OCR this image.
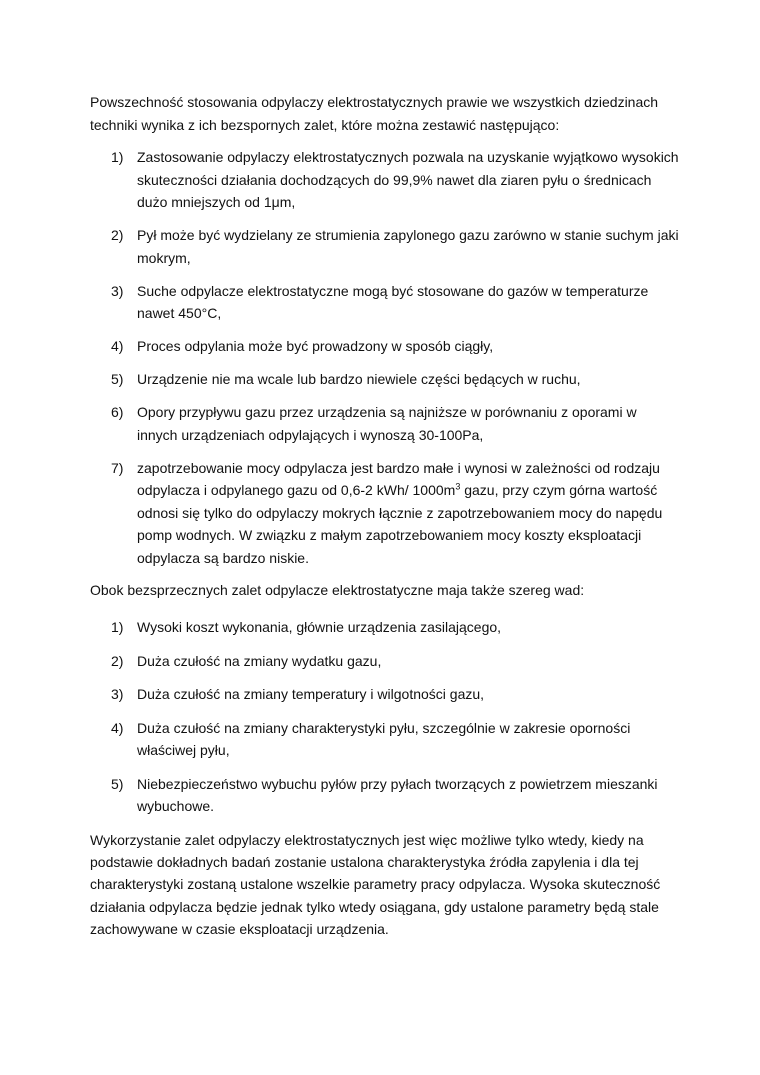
Powszechność stosowania odpylaczy elektrostatycznych prawie we wszystkich dziedzinach techniki wynika z ich bezspornych zalet, które można zestawić następująco:

1) Zastosowanie odpylaczy elektrostatycznych pozwala na uzyskanie wyjątkowo wysokich skuteczności działania dochodzących do 99,9% nawet dla ziaren pyłu o średnicach dużo mniejszych od 1μm,
2) Pył może być wydzielany ze strumienia zapylonego gazu zarówno w stanie suchym jaki mokrym,
3) Suche odpylacze elektrostatyczne mogą być stosowane do gazów w temperaturze nawet 450°C,
4) Proces odpylania może być prowadzony w sposób ciągły,
5) Urządzenie nie ma wcale lub bardzo niewiele części będących w ruchu,
6) Opory przypływu gazu przez urządzenia są najniższe w porównaniu z oporami w innych urządzeniach odpylających i wynoszą 30-100Pa,
7) zapotrzebowanie mocy odpylacza jest bardzo małe i wynosi w zależności od rodzaju odpylacza i odpylanego gazu od 0,6-2 kWh/ $1000m^3$ gazu, przy czym górna wartość odnosi się tylko do odpylaczy mokrych łącznie z zapotrzebowaniem mocy do napędu pomp wodnych. W związku z małym zapotrzebowaniem mocy koszty eksploatacji odpylacza są bardzo niskie.

Obok bezsprzecznych zalet odpylacze elektrostatyczne maja także szereg wad:

1) Wysoki koszt wykonania, głównie urządzenia zasilającego,
2) Duża czułość na zmiany wydatku gazu,
3) Duża czułość na zmiany temperatury i wilgotności gazu,
4) Duża czułość na zmiany charakterystyki pyłu, szczególnie w zakresie oporności właściwej pyłu,
5) Niebezpieczeństwo wybuchu pyłów przy pyłach tworzących z powietrzem mieszanki wybuchowe.

Wykorzystanie zalet odpylaczy elektrostatycznych jest więc możliwe tylko wtedy, kiedy na podstawie dokładnych badań zostanie ustalona charakterystyka źródła zapylenia i dla tej charakterystyki zostaną ustalone wszelkie parametry pracy odpylacza. Wysoka skuteczność działania odpylacza będzie jednak tylko wtedy osiągana, gdy ustalone parametry będą stale zachowywane w czasie eksploatacji urządzenia.
